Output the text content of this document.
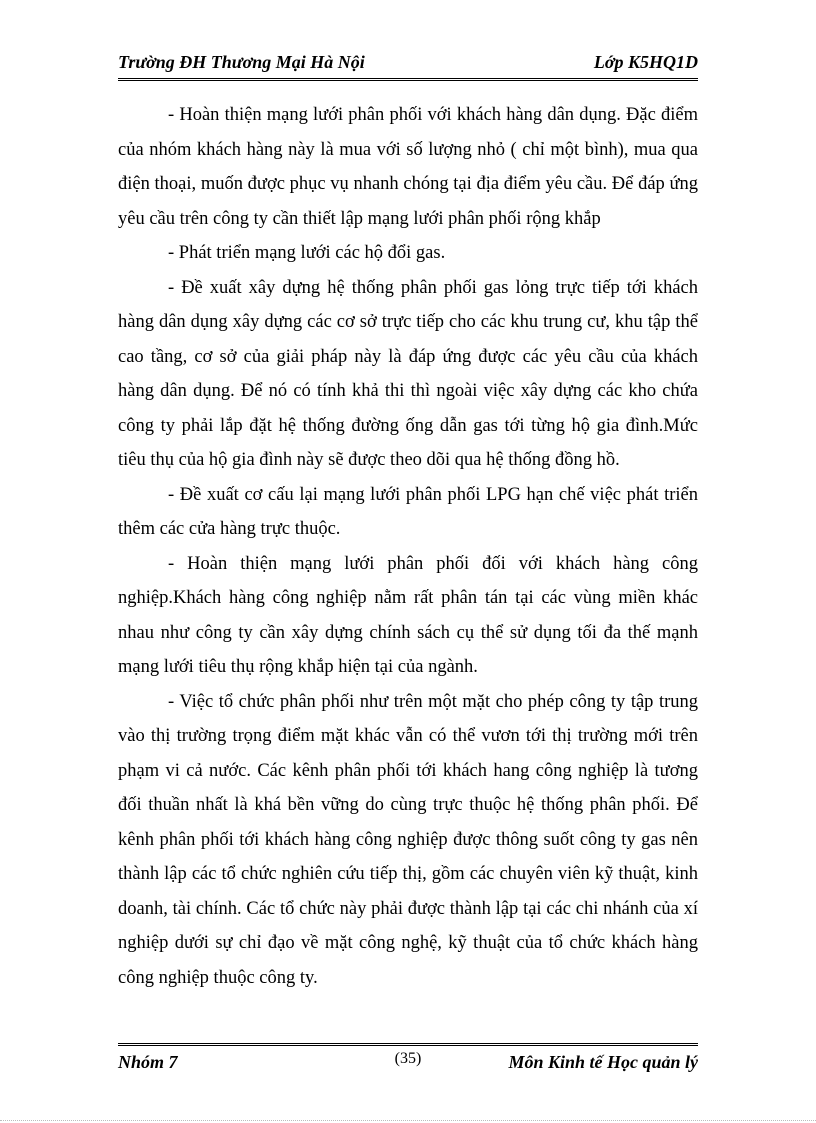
Trường ĐH Thương Mại Hà Nội	Lớp K5HQ1D

- Hoàn thiện mạng lưới phân phối với khách hàng dân dụng. Đặc điểm của nhóm khách hàng này là mua với số lượng nhỏ ( chỉ một bình), mua qua điện thoại, muốn được phục vụ nhanh chóng tại địa điểm yêu cầu. Để đáp ứng yêu cầu trên công ty cần thiết lập mạng lưới phân phối rộng khắp

- Phát triển mạng lưới các hộ đổi gas.

- Đề xuất xây dựng hệ thống phân phối gas lỏng trực tiếp tới khách hàng dân dụng xây dựng các cơ sở trực tiếp cho các khu trung cư, khu tập thể cao tầng, cơ sở của giải pháp này là đáp ứng được các yêu cầu của khách hàng dân dụng. Để nó có tính khả thi thì ngoài việc xây dựng các kho chứa công ty phải lắp đặt hệ thống đường ống dẫn gas tới từng hộ gia đình.Mức tiêu thụ của hộ gia đình này sẽ được theo dõi qua hệ thống đồng hồ.

- Đề xuất cơ cấu lại mạng lưới phân phối LPG hạn chế việc phát triển thêm các cửa hàng trực thuộc.

- Hoàn thiện mạng lưới phân phối đối với khách hàng công nghiệp.Khách hàng công nghiệp nằm rất phân tán tại các vùng miền khác nhau như công ty cần xây dựng chính sách cụ thể sử dụng tối đa thế mạnh mạng lưới tiêu thụ rộng khắp hiện tại của ngành.

- Việc tổ chức phân phối như trên một mặt cho phép công ty tập trung vào thị trường trọng điểm mặt khác vẫn có thể vươn tới thị trường mới trên phạm vi cả nước. Các kênh phân phối tới khách hang công nghiệp là tương đối thuần nhất là khá bền vững do cùng trực thuộc hệ thống phân phối. Để kênh phân phối tới khách hàng công nghiệp được thông suốt công ty gas nên thành lập các tổ chức nghiên cứu tiếp thị, gồm các chuyên viên kỹ thuật, kinh doanh, tài chính. Các tổ chức này phải được thành lập tại các chi nhánh của xí nghiệp dưới sự chỉ đạo về mặt công nghệ, kỹ thuật của tổ chức khách hàng công nghiệp thuộc công ty.

Nhóm 7	(35)	Môn Kinh tế Học quản lý
